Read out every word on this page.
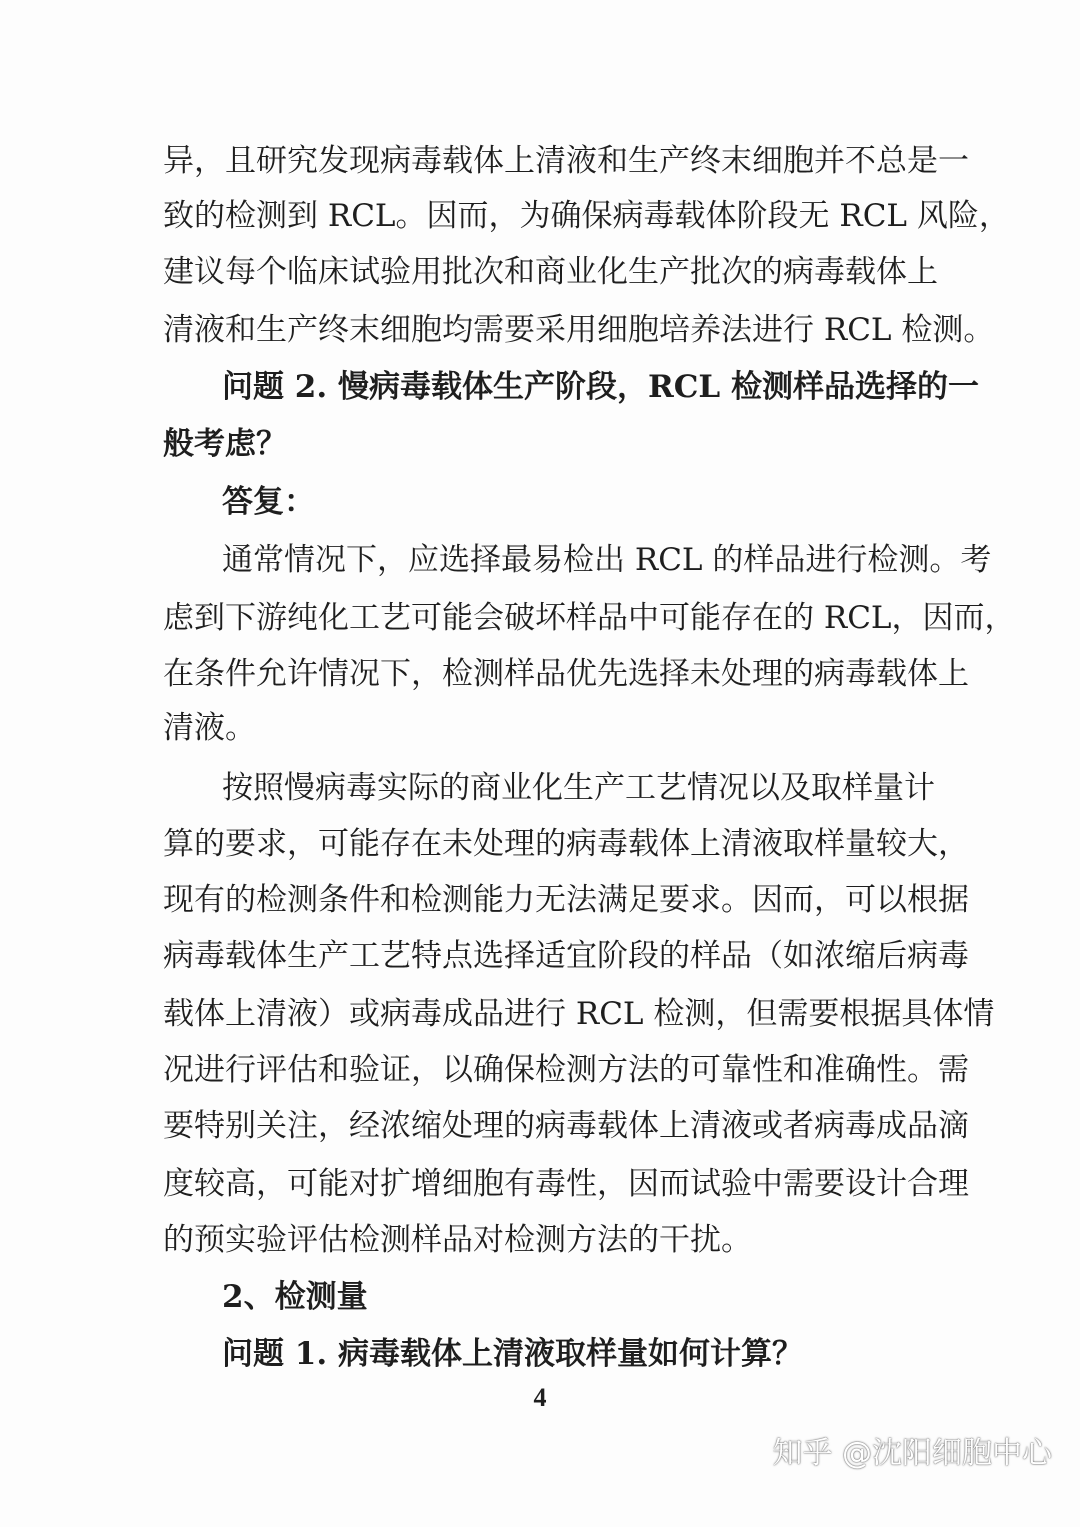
异，且研究发现病毒载体上清液和生产终末细胞并不总是一
致的检测到 RCL。因而，为确保病毒载体阶段无 RCL 风险，
建议每个临床试验用批次和商业化生产批次的病毒载体上
清液和生产终末细胞均需要采用细胞培养法进行 RCL 检测。
问题 2. 慢病毒载体生产阶段，RCL 检测样品选择的一
般考虑？
答复：
通常情况下，应选择最易检出 RCL 的样品进行检测。考
虑到下游纯化工艺可能会破坏样品中可能存在的 RCL，因而，
在条件允许情况下，检测样品优先选择未处理的病毒载体上
清液。
按照慢病毒实际的商业化生产工艺情况以及取样量计
算的要求，可能存在未处理的病毒载体上清液取样量较大，
现有的检测条件和检测能力无法满足要求。因而，可以根据
病毒载体生产工艺特点选择适宜阶段的样品（如浓缩后病毒
载体上清液）或病毒成品进行 RCL 检测，但需要根据具体情
况进行评估和验证，以确保检测方法的可靠性和准确性。需
要特别关注，经浓缩处理的病毒载体上清液或者病毒成品滴
度较高，可能对扩增细胞有毒性，因而试验中需要设计合理
的预实验评估检测样品对检测方法的干扰。
2、检测量
问题 1. 病毒载体上清液取样量如何计算？
4
知乎 @沈阳细胞中心
